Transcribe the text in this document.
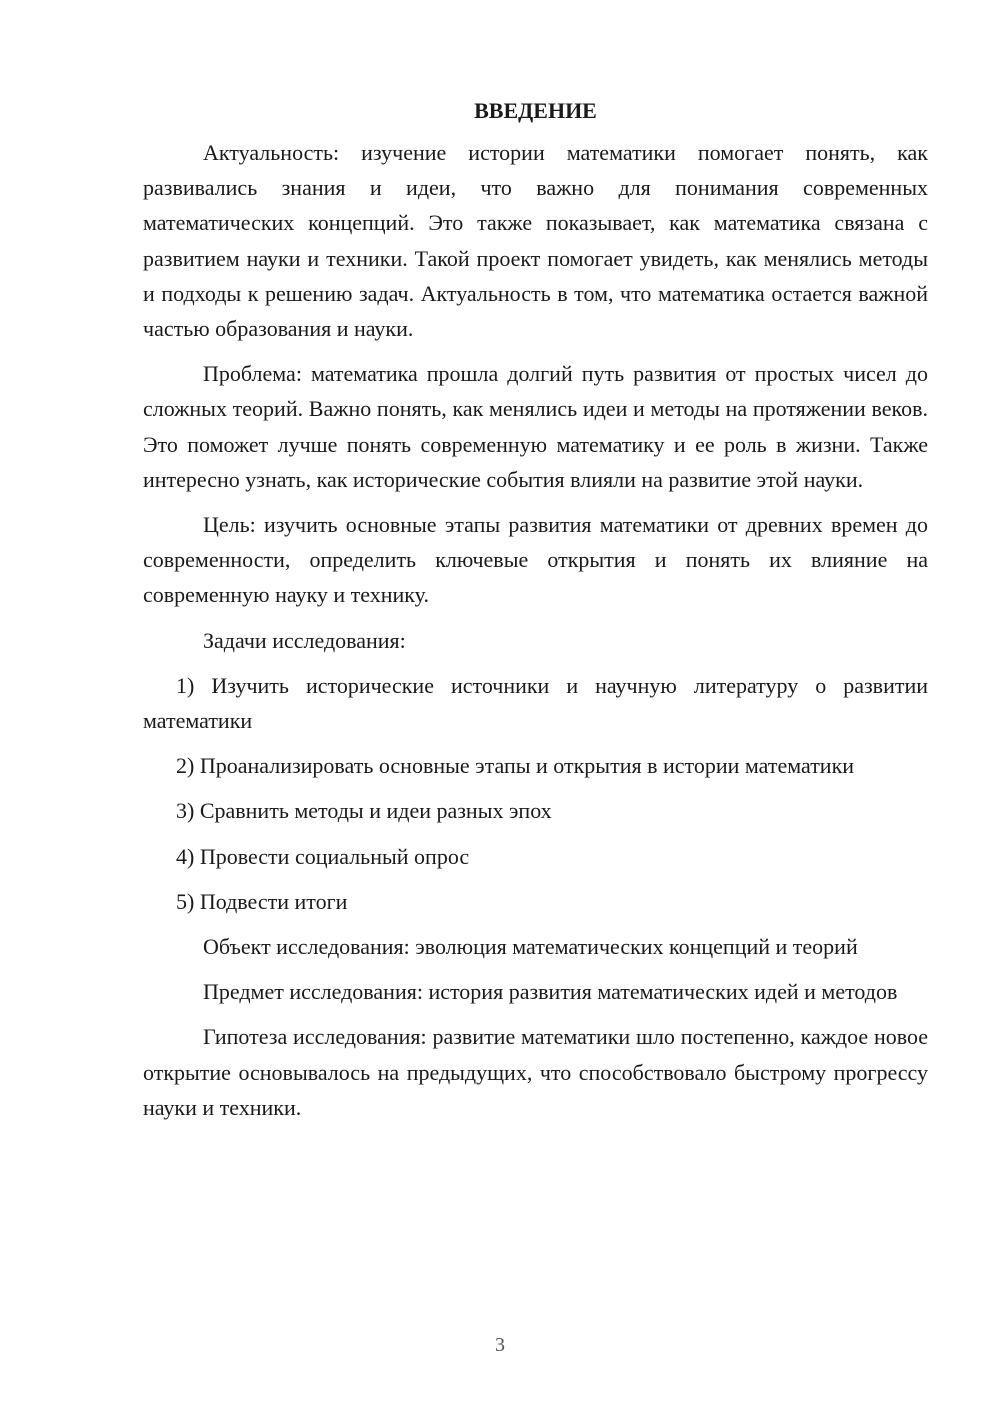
ВВЕДЕНИЕ

Актуальность: изучение истории математики помогает понять, как развивались знания и идеи, что важно для понимания современных математических концепций. Это также показывает, как математика связана с развитием науки и техники. Такой проект помогает увидеть, как менялись методы и подходы к решению задач. Актуальность в том, что математика остается важной частью образования и науки.

Проблема: математика прошла долгий путь развития от простых чисел до сложных теорий. Важно понять, как менялись идеи и методы на протяжении веков. Это поможет лучше понять современную математику и ее роль в жизни. Также интересно узнать, как исторические события влияли на развитие этой науки.

Цель: изучить основные этапы развития математики от древних времен до современности, определить ключевые открытия и понять их влияние на современную науку и технику.

Задачи исследования:

1) Изучить исторические источники и научную литературу о развитии математики

2) Проанализировать основные этапы и открытия в истории математики

3) Сравнить методы и идеи разных эпох

4) Провести социальный опрос

5) Подвести итоги

Объект исследования: эволюция математических концепций и теорий

Предмет исследования: история развития математических идей и методов

Гипотеза исследования: развитие математики шло постепенно, каждое новое открытие основывалось на предыдущих, что способствовало быстрому прогрессу науки и техники.

3
